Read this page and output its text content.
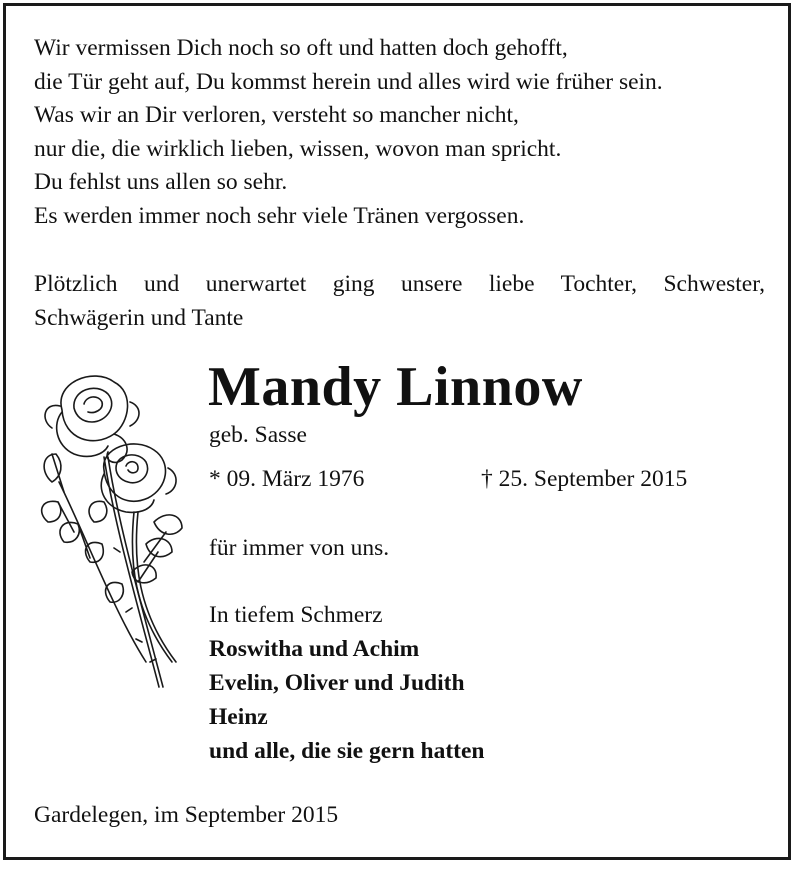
Wir vermissen Dich noch so oft und hatten doch gehofft,
die Tür geht auf, Du kommst herein und alles wird wie früher sein.
Was wir an Dir verloren, versteht so mancher nicht,
nur die, die wirklich lieben, wissen, wovon man spricht.
Du fehlst uns allen so sehr.
Es werden immer noch sehr viele Tränen vergossen.
Plötzlich und unerwartet ging unsere liebe Tochter, Schwester,
Schwägerin und Tante
Mandy Linnow
geb. Sasse
* 09. März 1976	† 25. September 2015
für immer von uns.
In tiefem Schmerz
Roswitha und Achim
Evelin, Oliver und Judith
Heinz
und alle, die sie gern hatten
Gardelegen, im September 2015
